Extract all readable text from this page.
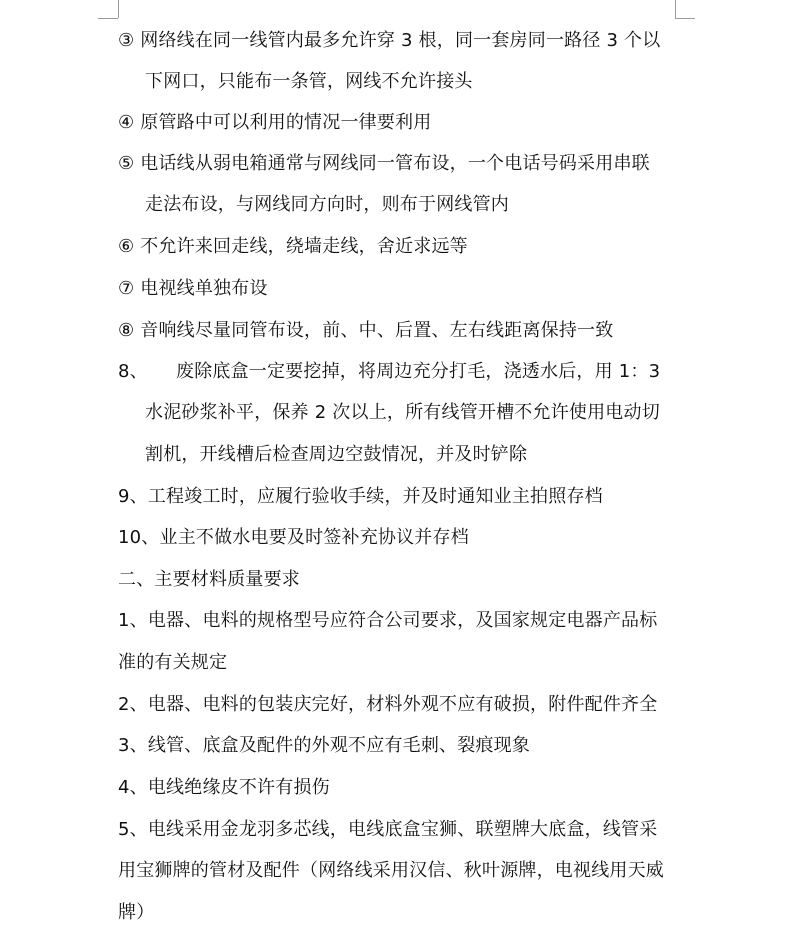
③ 网络线在同一线管内最多允许穿 3 根，同一套房同一路径 3 个以
下网口，只能布一条管，网线不允许接头
④ 原管路中可以利用的情况一律要利用
⑤ 电话线从弱电箱通常与网线同一管布设，一个电话号码采用串联
走法布设，与网线同方向时，则布于网线管内
⑥ 不允许来回走线，绕墙走线，舍近求远等
⑦ 电视线单独布设
⑧ 音响线尽量同管布设，前、中、后置、左右线距离保持一致
8、 废除底盒一定要挖掉，将周边充分打毛，浇透水后，用 1：3
水泥砂浆补平，保养 2 次以上，所有线管开槽不允许使用电动切
割机，开线槽后检查周边空鼓情况，并及时铲除
9、工程竣工时，应履行验收手续，并及时通知业主拍照存档
10、业主不做水电要及时签补充协议并存档
二、主要材料质量要求
1、电器、电料的规格型号应符合公司要求，及国家规定电器产品标
准的有关规定
2、电器、电料的包装庆完好，材料外观不应有破损，附件配件齐全
3、线管、底盒及配件的外观不应有毛刺、裂痕现象
4、电线绝缘皮不许有损伤
5、电线采用金龙羽多芯线，电线底盒宝狮、联塑牌大底盒，线管采
用宝狮牌的管材及配件（网络线采用汉信、秋叶源牌，电视线用天威
牌）
